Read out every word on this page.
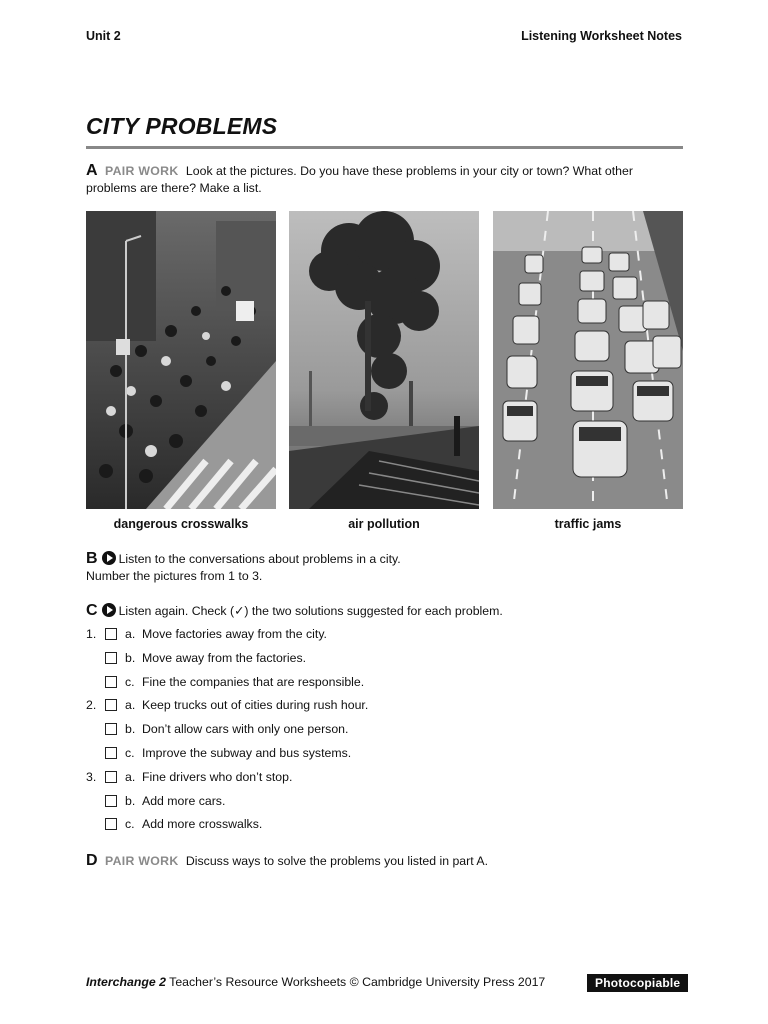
Unit 2	Listening Worksheet Notes
CITY PROBLEMS
A PAIR WORK Look at the pictures. Do you have these problems in your city or town? What other problems are there? Make a list.
dangerous crosswalks	air pollution	traffic jams
B Listen to the conversations about problems in a city.
Number the pictures from 1 to 3.
C Listen again. Check (✓) the two solutions suggested for each problem.
1.	a. Move factories away from the city.
b. Move away from the factories.
c. Fine the companies that are responsible.
2.	a. Keep trucks out of cities during rush hour.
b. Don’t allow cars with only one person.
c. Improve the subway and bus systems.
3.	a. Fine drivers who don’t stop.
b. Add more cars.
c. Add more crosswalks.
D PAIR WORK Discuss ways to solve the problems you listed in part A.
Interchange 2 Teacher’s Resource Worksheets © Cambridge University Press 2017	Photocopiable
